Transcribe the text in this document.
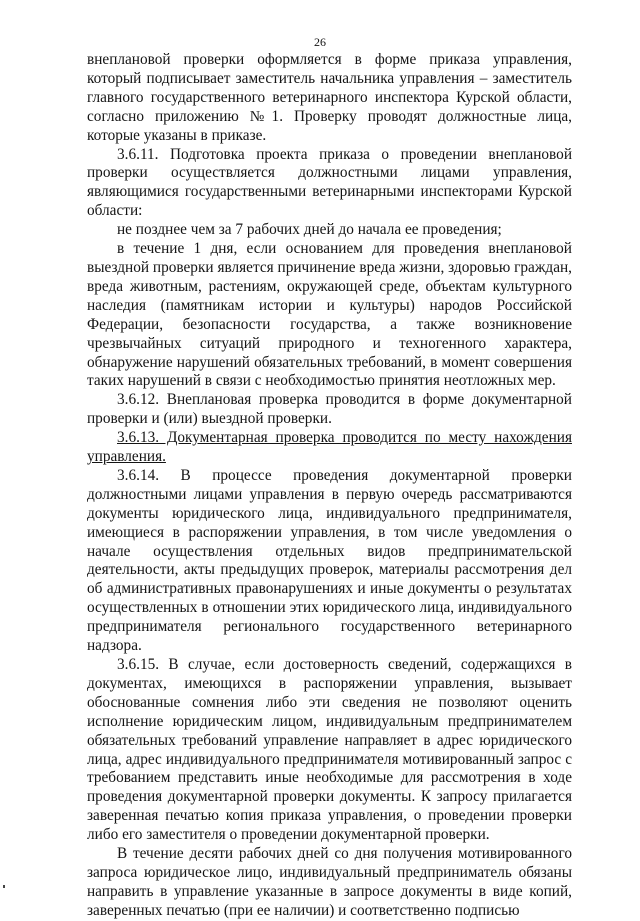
26

внеплановой проверки оформляется в форме приказа управления, который подписывает заместитель начальника управления – заместитель главного государственного ветеринарного инспектора Курской области, согласно приложению №1. Проверку проводят должностные лица, которые указаны в приказе.

3.6.11. Подготовка проекта приказа о проведении внеплановой проверки осуществляется должностными лицами управления, являющимися государственными ветеринарными инспекторами Курской области:

не позднее чем за 7 рабочих дней до начала ее проведения;

в течение 1 дня, если основанием для проведения внеплановой выездной проверки является причинение вреда жизни, здоровью граждан, вреда животным, растениям, окружающей среде, объектам культурного наследия (памятникам истории и культуры) народов Российской Федерации, безопасности государства, а также возникновение чрезвычайных ситуаций природного и техногенного характера, обнаружение нарушений обязательных требований, в момент совершения таких нарушений в связи с необходимостью принятия неотложных мер.

3.6.12. Внеплановая проверка проводится в форме документарной проверки и (или) выездной проверки.

3.6.13. Документарная проверка проводится по месту нахождения управления.

3.6.14. В процессе проведения документарной проверки должностными лицами управления в первую очередь рассматриваются документы юридического лица, индивидуального предпринимателя, имеющиеся в распоряжении управления, в том числе уведомления о начале осуществления отдельных видов предпринимательской деятельности, акты предыдущих проверок, материалы рассмотрения дел об административных правонарушениях и иные документы о результатах осуществленных в отношении этих юридического лица, индивидуального предпринимателя регионального государственного ветеринарного надзора.

3.6.15. В случае, если достоверность сведений, содержащихся в документах, имеющихся в распоряжении управления, вызывает обоснованные сомнения либо эти сведения не позволяют оценить исполнение юридическим лицом, индивидуальным предпринимателем обязательных требований управление направляет в адрес юридического лица, адрес индивидуального предпринимателя мотивированный запрос с требованием представить иные необходимые для рассмотрения в ходе проведения документарной проверки документы. К запросу прилагается заверенная печатью копия приказа управления, о проведении проверки либо его заместителя о проведении документарной проверки.

В течение десяти рабочих дней со дня получения мотивированного запроса юридическое лицо, индивидуальный предприниматель обязаны направить в управление указанные в запросе документы в виде копий, заверенных печатью (при ее наличии) и соответственно подписью
